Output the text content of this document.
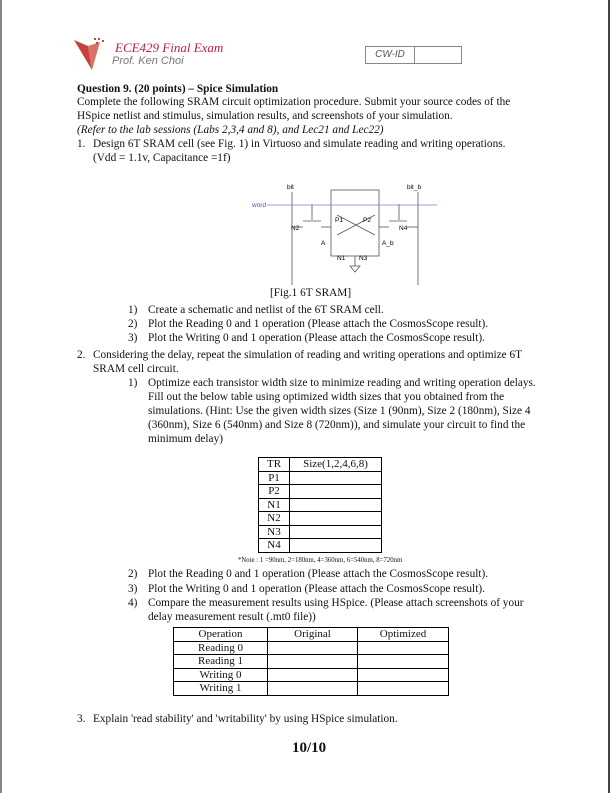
ECE429 Final Exam
Prof. Ken Choi
CW-ID
Question 9. (20 points) – Spice Simulation
Complete the following SRAM circuit optimization procedure. Submit your source codes of the
HSpice netlist and stimulus, simulation results, and screenshots of your simulation.
(Refer to the lab sessions (Labs 2,3,4 and 8), and Lec21 and Lec22)
1. Design 6T SRAM cell (see Fig. 1) in Virtuoso and simulate reading and writing operations.
(Vdd = 1.1v, Capacitance =1f)
bit	bit_b
word
N2	N4
P1	P2
A	A_b
N1 N3
[Fig.1 6T SRAM]
1) Create a schematic and netlist of the 6T SRAM cell.
2) Plot the Reading 0 and 1 operation (Please attach the CosmosScope result).
3) Plot the Writing 0 and 1 operation (Please attach the CosmosScope result).
2. Considering the delay, repeat the simulation of reading and writing operations and optimize 6T
SRAM cell circuit.
1) Optimize each transistor width size to minimize reading and writing operation delays.
Fill out the below table using optimized width sizes that you obtained from the
simulations. (Hint: Use the given width sizes (Size 1 (90nm), Size 2 (180nm), Size 4
(360nm), Size 6 (540nm) and Size 8 (720nm)), and simulate your circuit to find the
minimum delay)
TR	Size(1,2,4,6,8)
P1	
P2	
N1	
N2	
N3	
N4	
*Note : 1 =90nm, 2=180nm, 4=360nm, 6=540nm, 8=720nm
2) Plot the Reading 0 and 1 operation (Please attach the CosmosScope result).
3) Plot the Writing 0 and 1 operation (Please attach the CosmosScope result).
4) Compare the measurement results using HSpice. (Please attach screenshots of your
delay measurement result (.mt0 file))
Operation	Original	Optimized
Reading 0		
Reading 1		
Writing 0		
Writing 1		
3. Explain 'read stability' and 'writability' by using HSpice simulation.
10/10
